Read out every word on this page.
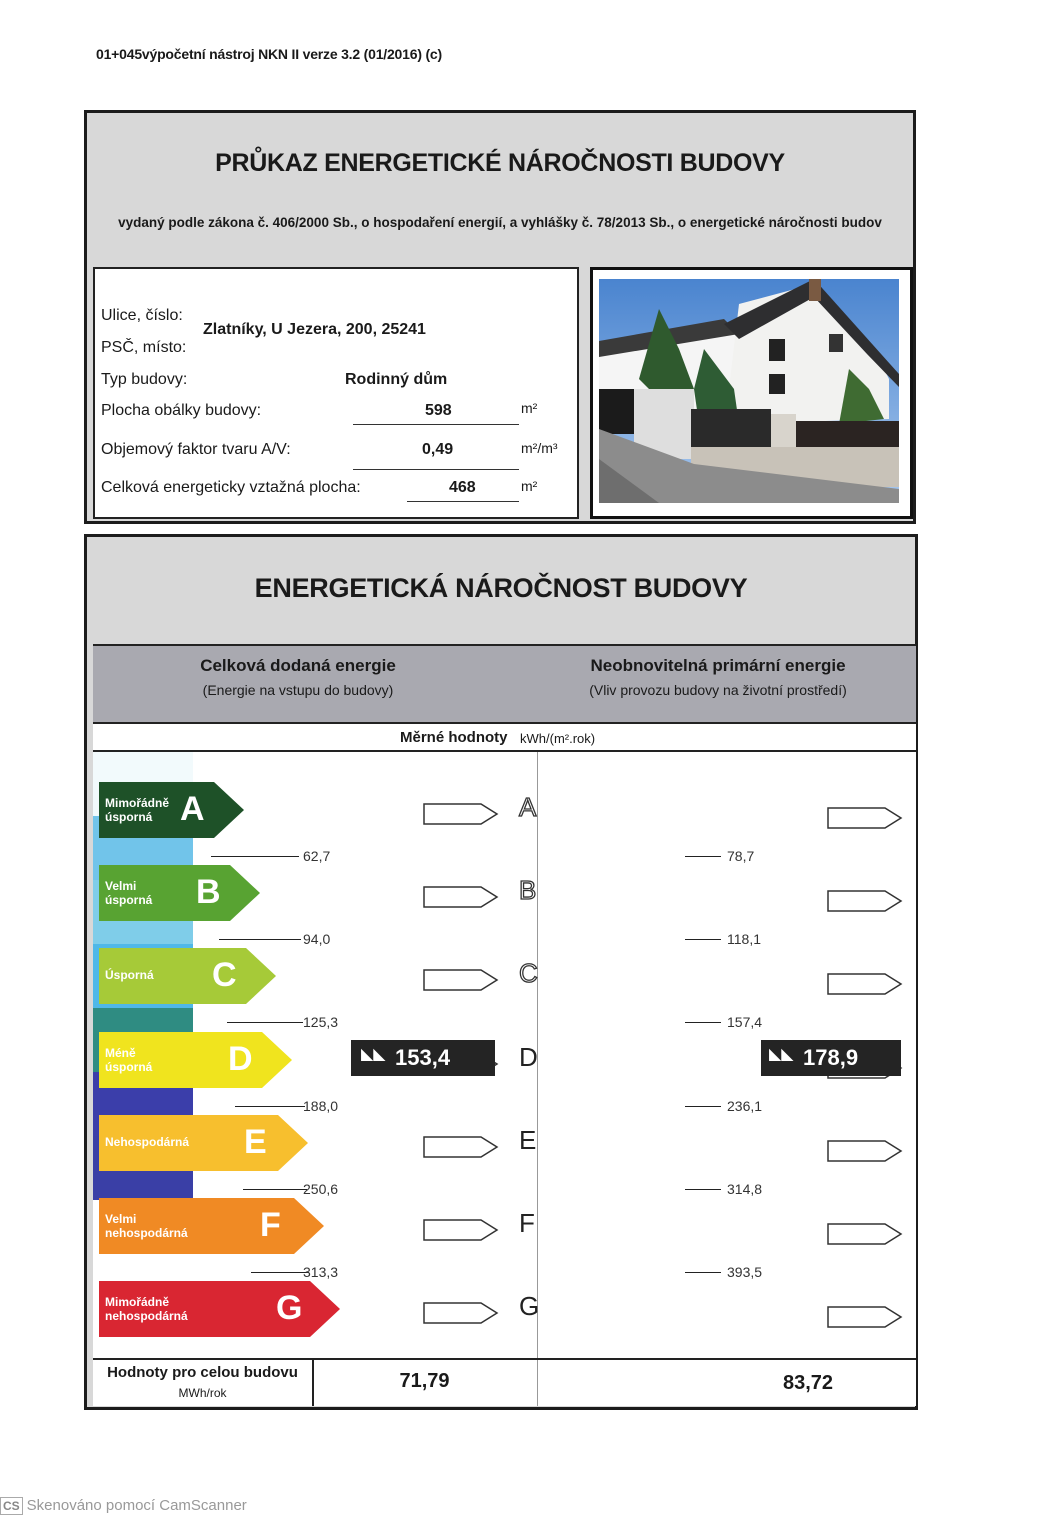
01+045výpočetní nástroj NKN II verze 3.2 (01/2016) (c)
PRŮKAZ ENERGETICKÉ NÁROČNOSTI BUDOVY
vydaný podle zákona č. 406/2000 Sb., o hospodaření energií, a vyhlášky č. 78/2013 Sb., o energetické náročnosti budov
Ulice, číslo:
PSČ, místo:
Zlatníky, U Jezera, 200, 25241
Typ budovy:	Rodinný dům
Plocha obálky budovy:	598	m²
Objemový faktor tvaru A/V:	0,49	m²/m³
Celková energeticky vztažná plocha:	468	m²
ENERGETICKÁ NÁROČNOST BUDOVY
Celková dodaná energie
(Energie na vstupu do budovy)
Neobnovitelná primární energie
(Vliv provozu budovy na životní prostředí)
Měrné hodnoty kWh/(m².rok)
Mimořádně
úsporná A	A
62,7	78,7
Velmi
úsporná B	B
94,0	118,1
Úsporná C	C
125,3	157,4
Méně
úsporná D	D
188,0	236,1
Nehospodárná E	E
250,6	314,8
Velmi
nehospodárná F	F
313,3	393,5
Mimořádně
nehospodárná	G	G
◣◣ 153,4	◣◣ 178,9
Hodnoty pro celou budovu
MWh/rok
71,79	83,72
CS Skenováno pomocí CamScanner
